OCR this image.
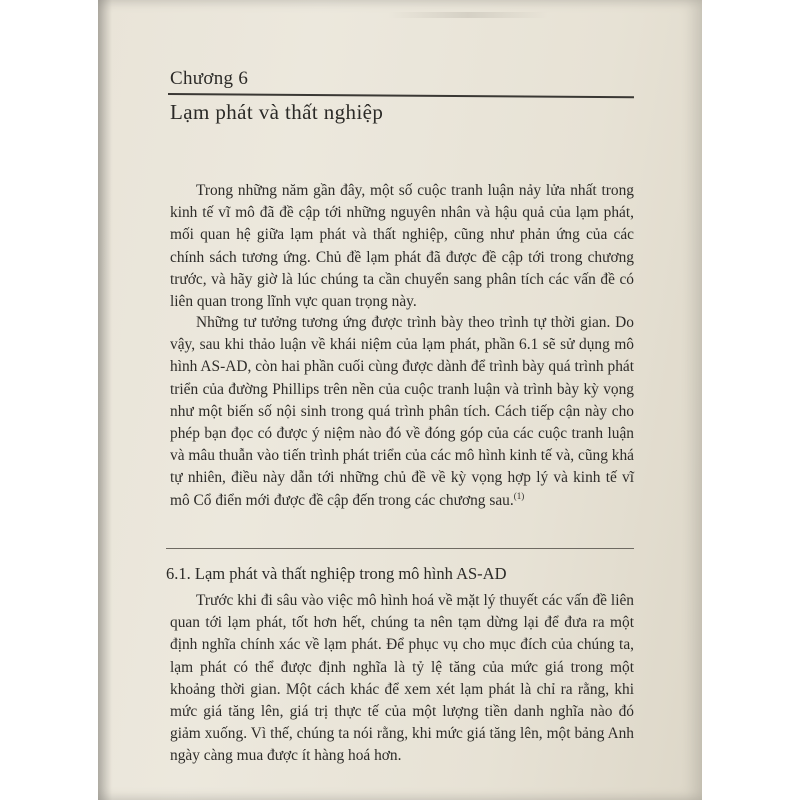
Chương 6
Lạm phát và thất nghiệp

Trong những năm gần đây, một số cuộc tranh luận nảy lửa nhất trong kinh tế vĩ mô đã đề cập tới những nguyên nhân và hậu quả của lạm phát, mối quan hệ giữa lạm phát và thất nghiệp, cũng như phản ứng của các chính sách tương ứng. Chủ đề lạm phát đã được đề cập tới trong chương trước, và hãy giờ là lúc chúng ta cần chuyển sang phân tích các vấn đề có liên quan trong lĩnh vực quan trọng này.

Những tư tưởng tương ứng được trình bày theo trình tự thời gian. Do vậy, sau khi thảo luận về khái niệm của lạm phát, phần 6.1 sẽ sử dụng mô hình AS-AD, còn hai phần cuối cùng được dành để trình bày quá trình phát triển của đường Phillips trên nền của cuộc tranh luận và trình bày kỳ vọng như một biến số nội sinh trong quá trình phân tích. Cách tiếp cận này cho phép bạn đọc có được ý niệm nào đó về đóng góp của các cuộc tranh luận và mâu thuẫn vào tiến trình phát triển của các mô hình kinh tế và, cũng khá tự nhiên, điều này dẫn tới những chủ đề về kỳ vọng hợp lý và kinh tế vĩ mô Cổ điển mới được đề cập đến trong các chương sau.$^{(1)}$

6.1. Lạm phát và thất nghiệp trong mô hình AS-AD

Trước khi đi sâu vào việc mô hình hoá về mặt lý thuyết các vấn đề liên quan tới lạm phát, tốt hơn hết, chúng ta nên tạm dừng lại để đưa ra một định nghĩa chính xác về lạm phát. Để phục vụ cho mục đích của chúng ta, lạm phát có thể được định nghĩa là tỷ lệ tăng của mức giá trong một khoảng thời gian. Một cách khác để xem xét lạm phát là chỉ ra rằng, khi mức giá tăng lên, giá trị thực tế của một lượng tiền danh nghĩa nào đó giảm xuống. Vì thế, chúng ta nói rằng, khi mức giá tăng lên, một bảng Anh ngày càng mua được ít hàng hoá hơn.
